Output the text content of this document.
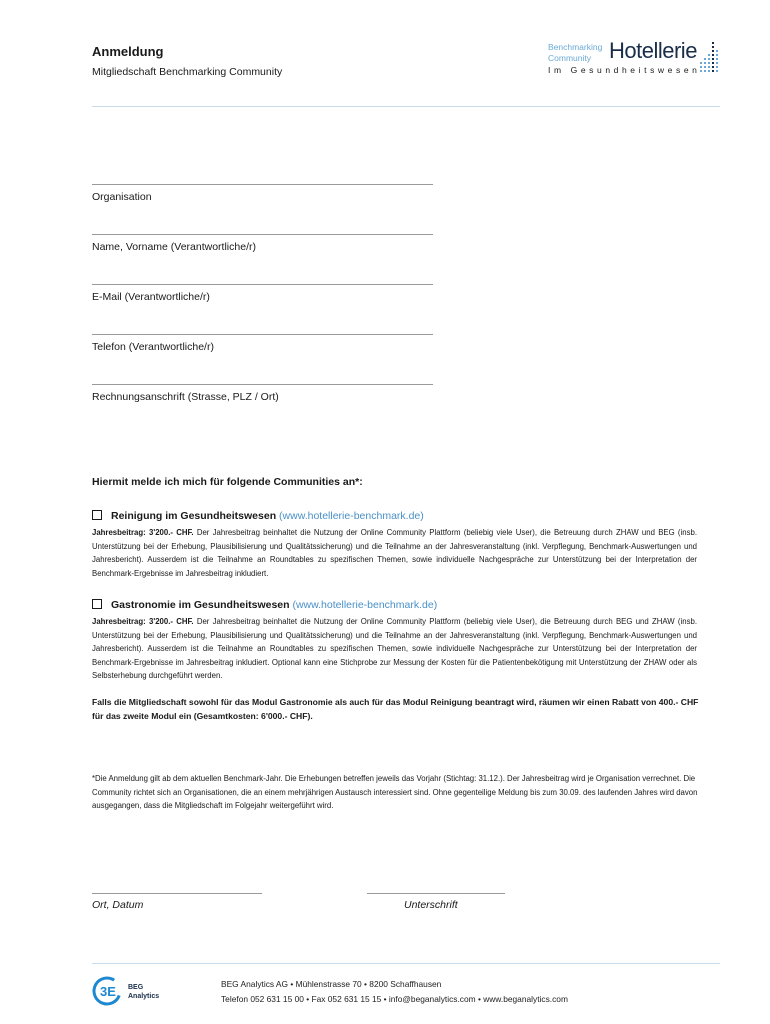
Anmeldung
Mitgliedschaft Benchmarking Community
Benchmarking
Community Hotellerie
Im Gesundheitswesen
Organisation
Name, Vorname (Verantwortliche/r)
E-Mail (Verantwortliche/r)
Telefon (Verantwortliche/r)
Rechnungsanschrift (Strasse, PLZ / Ort)
Hiermit melde ich mich für folgende Communities an*:
Reinigung im Gesundheitswesen (www.hotellerie-benchmark.de)
Jahresbeitrag: 3'200.- CHF. Der Jahresbeitrag beinhaltet die Nutzung der Online Community Plattform (beliebig viele User), die Betreuung durch ZHAW und BEG (insb. Unterstützung bei der Erhebung, Plausibilisierung und Qualitätssicherung) und die Teilnahme an der Jahresveranstaltung (inkl. Verpflegung, Benchmark-Auswertungen und Jahresbericht). Ausserdem ist die Teilnahme an Roundtables zu spezifischen Themen, sowie individuelle Nachgespräche zur Unterstützung bei der Interpretation der Benchmark-Ergebnisse im Jahresbeitrag inkludiert.
Gastronomie im Gesundheitswesen (www.hotellerie-benchmark.de)
Jahresbeitrag: 3'200.- CHF. Der Jahresbeitrag beinhaltet die Nutzung der Online Community Plattform (beliebig viele User), die Betreuung durch BEG und ZHAW (insb. Unterstützung bei der Erhebung, Plausibilisierung und Qualitätssicherung) und die Teilnahme an der Jahresveranstaltung (inkl. Verpflegung, Benchmark-Auswertungen und Jahresbericht). Ausserdem ist die Teilnahme an Roundtables zu spezifischen Themen, sowie individuelle Nachgespräche zur Unterstützung bei der Interpretation der Benchmark-Ergebnisse im Jahresbeitrag inkludiert. Optional kann eine Stichprobe zur Messung der Kosten für die Patientenbekötigung mit Unterstützung der ZHAW oder als Selbsterhebung durchgeführt werden.
Falls die Mitgliedschaft sowohl für das Modul Gastronomie als auch für das Modul Reinigung beantragt wird, räumen wir einen Rabatt von 400.- CHF für das zweite Modul ein (Gesamtkosten: 6'000.- CHF).
*Die Anmeldung gilt ab dem aktuellen Benchmark-Jahr. Die Erhebungen betreffen jeweils das Vorjahr (Stichtag: 31.12.). Der Jahresbeitrag wird je Organisation verrechnet. Die Community richtet sich an Organisationen, die an einem mehrjährigen Austausch interessiert sind. Ohne gegenteilige Meldung bis zum 30.09. des laufenden Jahres wird davon ausgegangen, dass die Mitgliedschaft im Folgejahr weitergeführt wird.
Ort, Datum	Unterschrift
3E BEG
Analytics
BEG Analytics AG • Mühlenstrasse 70 • 8200 Schaffhausen
Telefon 052 631 15 00 • Fax 052 631 15 15 • info@beganalytics.com • www.beganalytics.com
